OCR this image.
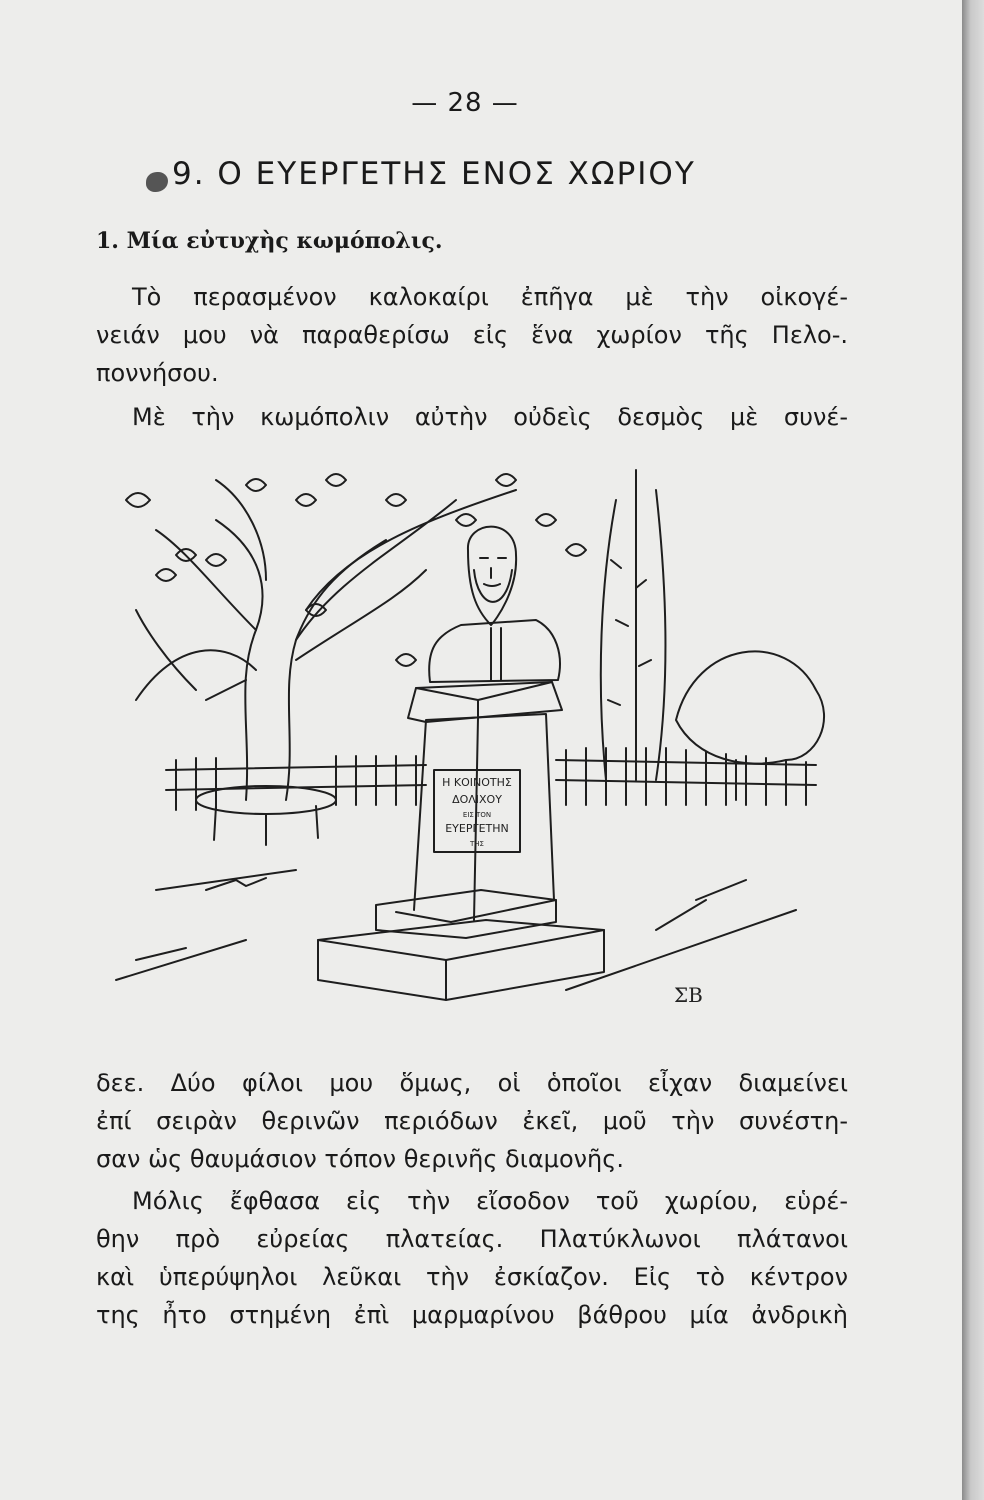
— 28 —
9. Ο ΕΥΕΡΓΕΤΗΣ ΕΝΟΣ ΧΩΡΙΟΥ
1. Μία εὐτυχὴς κωμόπολις.
Τὸ περασμένον καλοκαίρι ἐπῆγα μὲ τὴν οἰκογέ-
νειάν μου νὰ παραθερίσω εἰς ἕνα χωρίον τῆς Πελο-.
ποννήσου.
Μὲ τὴν κωμόπολιν αὐτὴν οὐδεὶς δεσμὸς μὲ συνέ-
Η ΚΟΙΝΟΤΗΣ
ΔΟΛΙΧΟΥ
ΕΙΣ ΤΟΝ
ΕΥΕΡΓΕΤΗΝ
ΤΗΣ
ΣΒ
δεε. Δύο φίλοι μου ὅμως, οἱ ὁποῖοι εἶχαν διαμείνει
ἐπί σειρὰν θερινῶν περιόδων ἐκεῖ, μοῦ τὴν συνέστη-
σαν ὡς θαυμάσιον τόπον θερινῆς διαμονῆς.
Μόλις ἔφθασα εἰς τὴν εἴσοδον τοῦ χωρίου, εὑρέ-
θην πρὸ εὐρείας πλατείας. Πλατύκλωνοι πλάτανοι
καὶ ὑπερύψηλοι λεῦκαι τὴν ἐσκίαζον. Εἰς τὸ κέντρον
της ἦτο στημένη ἐπὶ μαρμαρίνου βάθρου μία ἀνδρικὴ
